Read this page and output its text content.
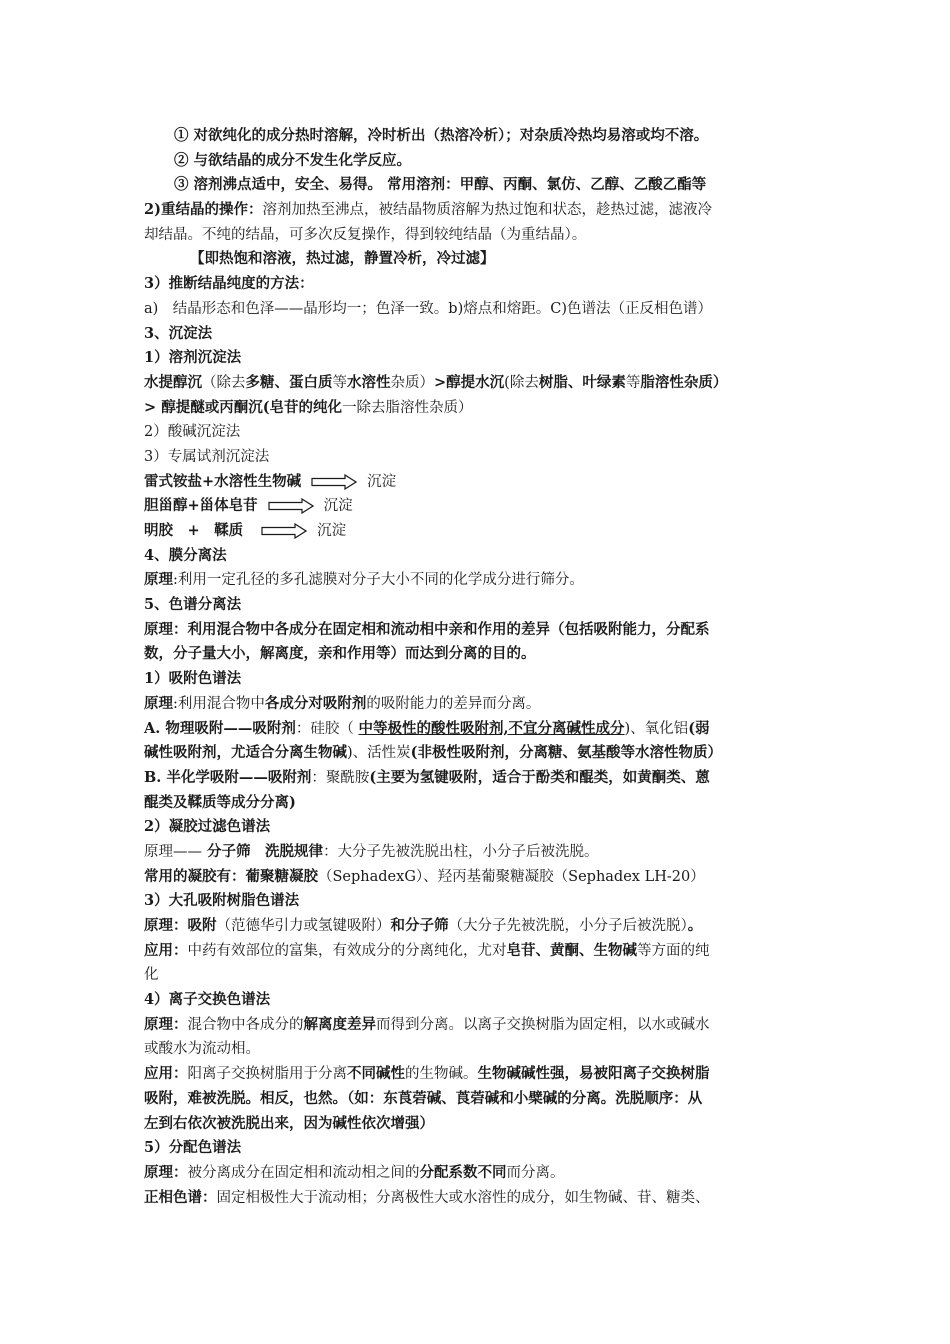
① 对欲纯化的成分热时溶解，冷时析出（热溶冷析）；对杂质冷热均易溶或均不溶。
② 与欲结晶的成分不发生化学反应。
③ 溶剂沸点适中，安全、易得。 常用溶剂：甲醇、丙酮、氯仿、乙醇、乙酸乙酯等
2)重结晶的操作：溶剂加热至沸点，被结晶物质溶解为热过饱和状态，趁热过滤，滤液冷
却结晶。不纯的结晶，可多次反复操作，得到较纯结晶（为重结晶）。
【即热饱和溶液，热过滤，静置冷析，冷过滤】
3）推断结晶纯度的方法：
a)　结晶形态和色泽——晶形均一；色泽一致。b)熔点和熔距。C)色谱法（正反相色谱）
3、沉淀法
1）溶剂沉淀法
水提醇沉（除去多糖、蛋白质等水溶性杂质）>醇提水沉(除去树脂、叶绿素等脂溶性杂质）
> 醇提醚或丙酮沉(皂苷的纯化一除去脂溶性杂质）
2）酸碱沉淀法
3）专属试剂沉淀法
雷式铵盐+水溶性生物碱	沉淀
胆甾醇+甾体皂苷	沉淀
明胶　+　鞣质	沉淀
4、膜分离法
原理:利用一定孔径的多孔滤膜对分子大小不同的化学成分进行筛分。
5、色谱分离法
原理：利用混合物中各成分在固定相和流动相中亲和作用的差异（包括吸附能力，分配系
数，分子量大小，解离度，亲和作用等）而达到分离的目的。
1）吸附色谱法
原理:利用混合物中各成分对吸附剂的吸附能力的差异而分离。
A. 物理吸附——吸附剂：硅胶（ 中等极性的酸性吸附剂,不宜分离碱性成分)、氧化铝(弱
碱性吸附剂，尤适合分离生物碱)、活性炭(非极性吸附剂，分离糖、氨基酸等水溶性物质）
B. 半化学吸附——吸附剂：聚酰胺(主要为氢键吸附，适合于酚类和醌类，如黄酮类、蒽
醌类及鞣质等成分分离)
2）凝胶过滤色谱法
原理—— 分子筛　洗脱规律：大分子先被洗脱出柱，小分子后被洗脱。
常用的凝胶有：葡聚糖凝胶（SephadexG）、羟丙基葡聚糖凝胶（Sephadex LH-20）
3）大孔吸附树脂色谱法
原理：吸附（范德华引力或氢键吸附）和分子筛（大分子先被洗脱，小分子后被洗脱）。
应用：中药有效部位的富集，有效成分的分离纯化，尤对皂苷、黄酮、生物碱等方面的纯
化
4）离子交换色谱法
原理：混合物中各成分的解离度差异而得到分离。以离子交换树脂为固定相，以水或碱水
或酸水为流动相。
应用：阳离子交换树脂用于分离不同碱性的生物碱。生物碱碱性强，易被阳离子交换树脂
吸附，难被洗脱。相反，也然。（如：东莨菪碱、莨菪碱和小檗碱的分离。洗脱顺序：从
左到右依次被洗脱出来，因为碱性依次增强）
5）分配色谱法
原理：被分离成分在固定相和流动相之间的分配系数不同而分离。
正相色谱：固定相极性大于流动相；分离极性大或水溶性的成分，如生物碱、苷、糖类、
